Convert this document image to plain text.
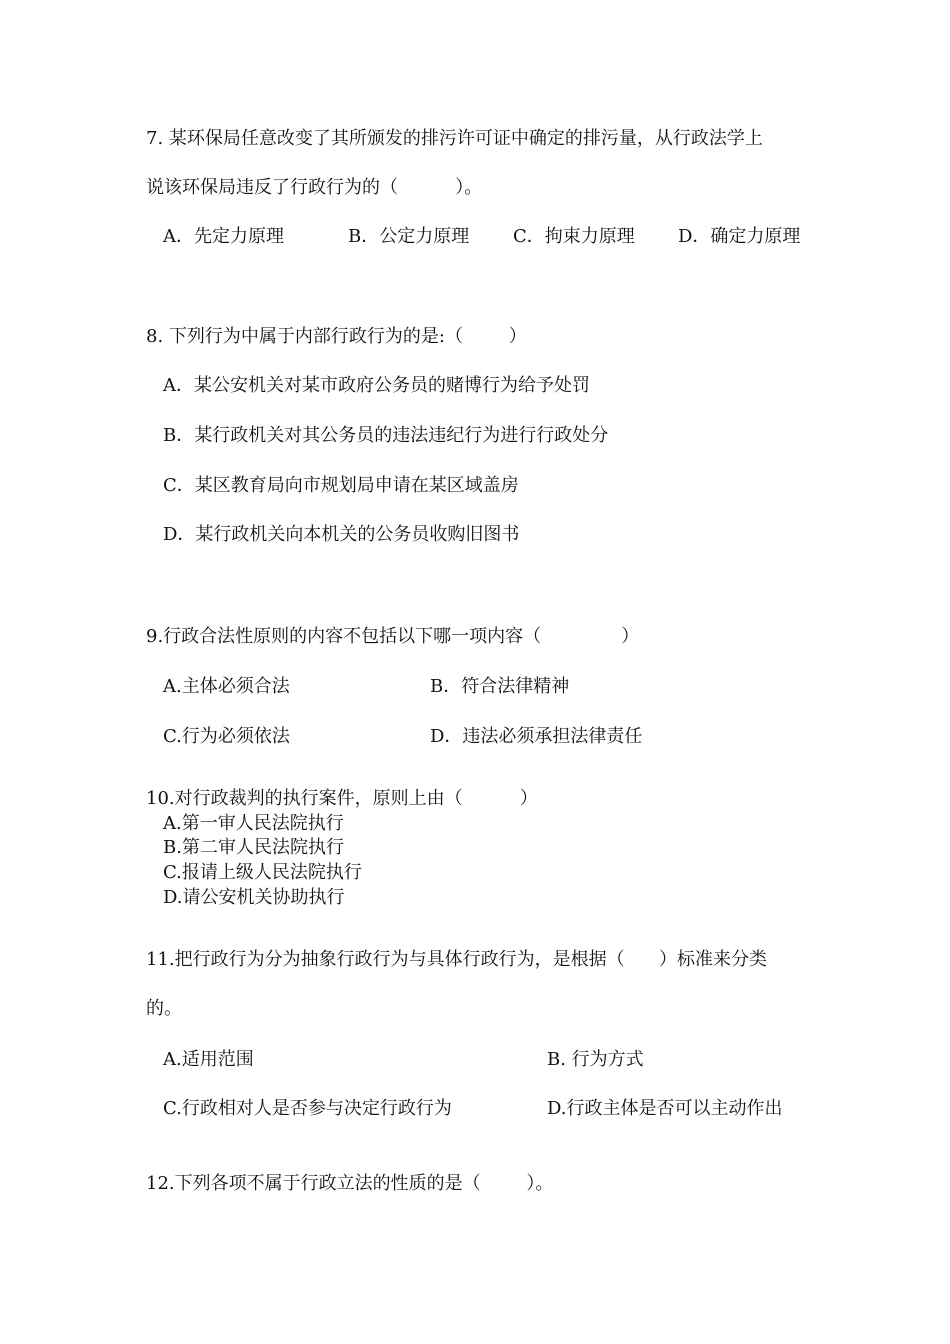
7. 某环保局任意改变了其所颁发的排污许可证中确定的排污量，从行政法学上
说该环保局违反了行政行为的（          ）。
A．先定力原理	B．公定力原理 C．拘束力原理 D．确定力原理
8. 下列行为中属于内部行政行为的是:（        ）
A．某公安机关对某市政府公务员的赌博行为给予处罚
B．某行政机关对其公务员的违法违纪行为进行行政处分
C．某区教育局向市规划局申请在某区域盖房
D．某行政机关向本机关的公务员收购旧图书
9.行政合法性原则的内容不包括以下哪一项内容（              ）
A.主体必须合法	B．符合法律精神
C.行为必须依法	D．违法必须承担法律责任
10.对行政裁判的执行案件，原则上由（          ）
A.第一审人民法院执行
B.第二审人民法院执行
C.报请上级人民法院执行
D.请公安机关协助执行
11.把行政行为分为抽象行政行为与具体行政行为，是根据（      ）标准来分类
的。
A.适用范围	B. 行为方式
C.行政相对人是否参与决定行政行为	D.行政主体是否可以主动作出
12.下列各项不属于行政立法的性质的是（        ）。
